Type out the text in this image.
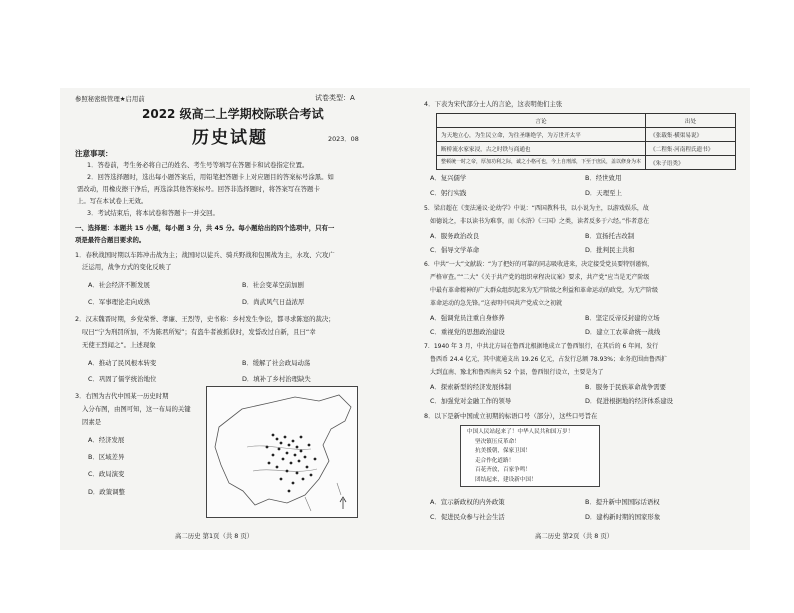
参照秘密级管理★启用前	试卷类型：A
2022 级高二上学期校际联合考试
历史试题	2023．08
注意事项：
1．答卷前，考生务必将自己的姓名、考生号等填写在答题卡和试卷指定位置。
2．回答选择题时，选出每小题答案后，用铅笔把答题卡上对应题目的答案标号涂黑。如
需改动，用橡皮擦干净后，再选涂其他答案标号。回答非选择题时，将答案写在答题卡
上。写在本试卷上无效。
3．考试结束后，将本试卷和答题卡一并交回。
一、选择题：本题共 15 小题，每小题 3 分，共 45 分。每小题给出的四个选项中，只有一
项是最符合题目要求的。
1．春秋战国时期以车阵冲击战为主；战国时以徒兵、骑兵野战和包围战为主，水攻、穴攻广
泛运用，战争方式的变化反映了
A．社会经济不断发展	B．社会变革空前加剧
C．军事理论走向成熟	D．尚武风气日益浓厚
2．汉末魏晋时期，乡党荣誉、孝廉、王烈等，史书称：乡村发生争讼，都寻求陈寔的裁决；
叹曰“宁为刑罚所加，不为陈君所短”；有盗牛者被抓获时，发誓改过自新，且曰“幸
无使王烈闻之”。上述现象
A．推动了民风根本转变	B．缓解了社会政局动荡
C．巩固了儒学统治地位	D．填补了乡村治理缺失
3．右图为古代中国某一历史时期
入分布图，由图可知，这一布局的关键
因素是
A．经济发展
B．区域差异
C．政局演变
D．政策调整
高二历史 第1页（共 8 页）
4．下表为宋代部分士人的言论，这表明他们主张
言论	出处
为天地立心，为生民立命，为往圣继绝学，为万世开太平	《张载集·横渠易说》
断桥流水家家浸，古之时铁与商通也	《二程集·河南程氏遗书》
整顿统一时之帝，厚加功利之际，诚之小格可也，今上自刑部，下至于庶民，盖以修身为本	《朱子语类》
A．复兴儒学	B．经世致用
C．躬行实践	D．天理至上
5．梁启超在《变法通议·论幼学》中说：“西国教科书，以小说为主，以游戏娱乐，故
如德说之，非以读书为难事，而《水浒》《三国》之类，读者反多于六经。”作者意在
A．服务政治改良	B．宣扬托古改制
C．倡导文学革命	D．批判民主共和
6．中共“一大”文献载：“为了把好的可靠的同志吸收进来，决定接受党员要特别谨慎，
严格审查。”“二大”《关于共产党的组织章程决议案》要求，共产党“应当是无产阶级
中最有革命精神的广大群众组织起来为无产阶级之利益和革命运动的政党，为无产阶级
革命运动的急先锋。”这表明中国共产党成立之初就
A．强调党员注重自身修养	B．坚定反帝反封建的立场
C．重视党的思想政治建设	D．建立工农革命统一战线
7．1940 年 3 月，中共北方局在鲁西北根据地成立了鲁西银行，在其后的 6 年间，发行
鲁西币 24.4 亿元，其中流通支出 19.26 亿元，占发行总额 78.93%；业务范围由鲁西扩
大到直南、豫北和鲁西南共 52 个县，鲁西银行设立，主要是为了
A．探索新型的经济发展体制	B．服务于民族革命战争需要
C．加强党对金融工作的领导	D．促进根据地的经济体系建设
8．以下是新中国成立初期的标语口号（部分），这些口号旨在
中国人民站起来了！中华人民共和国万岁！
坚决镇压反革命！
抗美援朝，保家卫国！
走合作化道路！
百花齐放，百家争鸣！
团结起来，建设新中国！
A．宣示新政权的内外政策	B．提升新中国国际话语权
C．促进民众参与社会生活	D．建构新时期的国家形象
高二历史 第2页（共 8 页）
